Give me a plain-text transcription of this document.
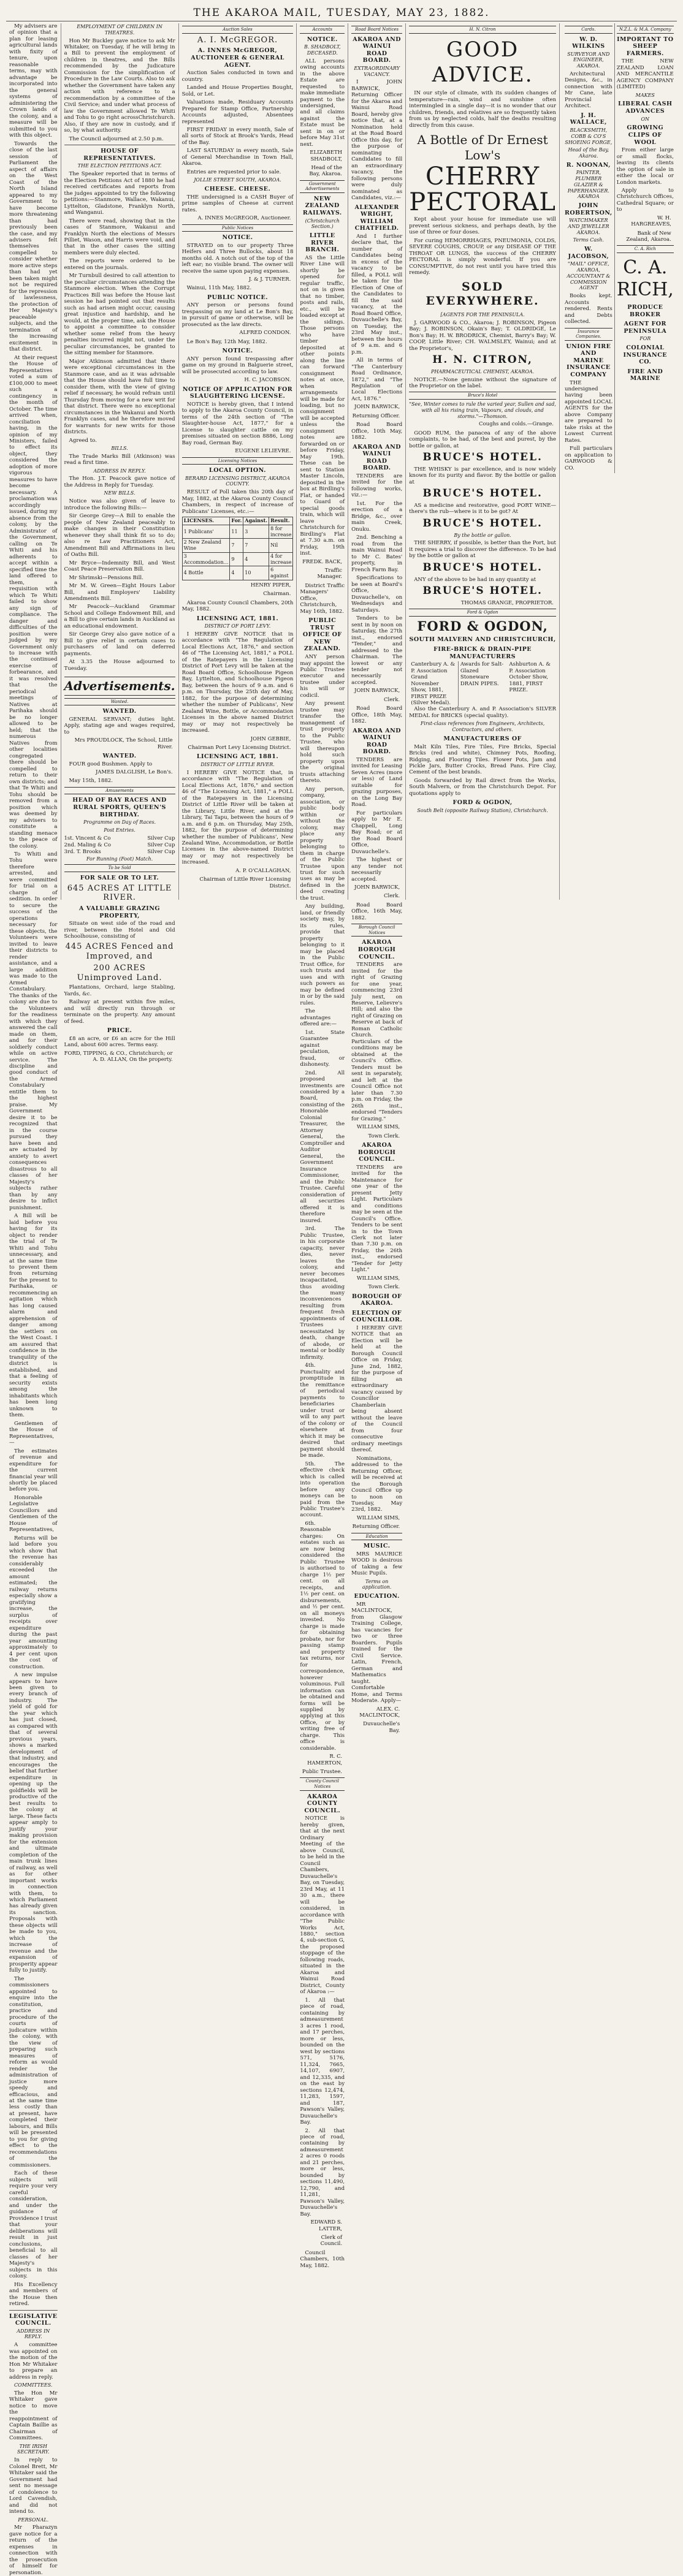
THE AKAROA MAIL, TUESDAY, MAY 23, 1882.

My advisers are of opinion that a plan for leasing agricultural lands with fixity of tenure, upon reasonable terms, may with advantage be incorporated into the general systems of administering the Crown lands of the colony, and a measure will be submitted to you with this object.

Towards the close of the last session of Parliament the aspect of affairs on the West Coast of the North Island appeared to my Government to have become more threatening than had previously been the case, and my advisers felt themselves compelled to consider whether more active steps than had yet been taken might not be required for the repression of lawlessness, the protection of Her Majesty's peaceable subjects, and the termination of the increasing excitement in that district.

At their request the House of Representatives voted a sum of £100,000 to meet such a contingency in the month of October. The time arrived when, conciliation having, in the opinion of my Ministers, failed to effect its object, they considered the adoption of more vigorous measures to have become necessary. A proclamation was accordingly issued, during my absence from the colony, by the Administrator of the Government, calling on Te Whiti and his adherents to accept within a specified time the land offered to them, a requisition with which Te Whiti failed to show any sign of compliance. The danger and difficulties of the position were judged by my Government only to increase with the continued exercise of forbearance, and it was resolved that the periodical meetings of Natives at Parihaka should be no longer allowed to be held; that the numerous Natives from other localities congregated there should be compelled to return to their own districts; and that Te Whiti and Tohu should be removed from a position which was deemed by my advisers to constitute a standing menace to the peace of the colony.

To Whiti and Tohu were therefore arrested, and were committed for trial on a charge of sedition. In order to secure the success of the operations necessary for these objects, the Volunteers were invited to leave their districts to render assistance, and a large addition was made to the Armed Constabulary. The thanks of the colony are due to the Volunteers for the readiness with which they answered the call made on them, and for their soldierly conduct while on active service. The discipline and good conduct of the Armed Constabulary entitle them to the highest praise. My Government desire it to be recognized that in the course pursued they have been and are actuated by anxiety to avert consequences disastrous to all classes of her Majesty's subjects rather than by any desire to inflict punishment.

A Bill will be laid before you having for its object to render the trial of Te Whiti and Tohu unnecessary, and at the same time to prevent them from returning for the present to Parihaka, or recommencing an agitation which has long caused alarm and apprehension of danger among the settlers on the West Coast. I am assured that confidence in the tranquility of the district is established, and that a feeling of security exists among the inhabitants which has been long unknown to them.

Gentlemen of the House of Representatives,—

The estimates of revenue and expenditure for the current financial year will shortly be placed before you.

Honorable Legislative Councillors and Gentlemen of the House of Representatives,

Returns will be laid before you which show that the revenue has considerably exceeded the amount estimated; the railway returns especially show a gratifying increase, the surplus of receipts over expenditure during the past year amounting approximately to 4 per cent upon the cost of construction.

A new impulse appears to have been given to every branch of industry. The yield of gold for the year which has just closed, as compared with that of several previous years, shows a marked development of that industry, and encourages the belief that further expenditure in opening up the goldfields will be productive of the best results to the colony at large. These facts appear amply to justify your making provision for the extension and ultimate completion of the main trunk lines of railway, as well as for other important works in connection with them, to which Parliament has already given its sanction. Proposals with these objects will be made to you, which the increase of revenue and the expansion of prosperity appear fully to justify.

The commissioners appointed to enquire into the constitution, practice and procedure of the courts of judicature within the colony, with the view of preparing such measures of reform as would render the administration of justice more speedy and efficacious, and at the same time less costly than at present, have completed their labours, and Bills will be presented to you for giving effect to the recommendations of the commissioners.

Each of these subjects will require your very careful consideration, and under the guidance of Providence I trust that your deliberations will result in just conclusions, beneficial to all classes of her Majesty's subjects in this colony.

His Excellency and members of the House then retired.

LEGISLATIVE COUNCIL.
ADDRESS IN REPLY.

A committee was appointed on the motion of the Hon Mr Whitaker to prepare an address in reply.

COMMITTEES.

The Hon Mr Whitaker gave notice to move the reappointment of Captain Baillie as Chairman of Committees.

THE IRISH SECRETARY.

In reply to Colonel Brett, Mr Whitaker said the Government had sent no message of condolence to Lord Cavendish, and did not intend to.

PERSONAL.

Mr Pharazyn gave notice for a return of the expenses in connection with the prosecution of himself for personation.

EMPLOYMENT OF CHILDREN IN THEATRES.

Hon Mr Buckley gave notice to ask Mr Whitaker, on Tuesday, if he will bring in a Bill to prevent the employment of children in theatres, and the Bills recommended by the Judicature Commission for the simplification of Procedure in the Law Courts. Also to ask whether the Government have taken any action with reference to a recommendation by a committee of the Civil Service; and under what process of law the Government allowed Te Whiti and Tohu to go right acrossChristchurch. Also, if they are now in custody, and if so, by what authority.

The Council adjourned at 2.50 p.m.

HOUSE OF REPRESENTATIVES.
THE ELECTION PETITIONS ACT.

The Speaker reported that in terms of the Election Petitions Act of 1880 he had received certificates and reports from the judges appointed to try the following petitions:—Stanmore, Wallace, Wakanui, Lyttelton, Gladstone, Franklyn North, and Wanganui.

There were read, showing that in the cases of Stanmore, Wakanui and Franklyn North the elections of Messrs Pilliet, Wason, and Harris were void, and that in the other cases the sitting members were duly elected.

The reports were ordered to be entered on the journals.

Mr Turnbull desired to call attention to the peculiar circumstances attending the Stanmore election. When the Corrupt Practices Bill was before the House last session he had pointed out that results such as had arisen might occur, causing great injustice and hardship, and he would, at the proper time, ask the House to appoint a committee to consider whether some relief from the heavy penalties incurred might not, under the peculiar circumstances, be granted to the sitting member for Stanmore.

Major Atkinson admitted that there were exceptional circumstances in the Stanmore case, and as it was advisable that the House should have full time to consider them, with the view of giving relief if necessary, he would refrain until Thursday from moving for a new writ for that district. There were no exceptional circumstances in the Wakanui and North Franklyn cases, and he therefore moved for warrants for new writs for those districts.

Agreed to.

BILLS.

The Trade Marks Bill (Atkinson) was read a first time.

ADDRESS IN REPLY.

The Hon. J.T. Peacock gave notice of the Address in Reply for Tuesday.

NEW BILLS.

Notice was also given of leave to introduce the following Bills:—

Sir George Grey—A Bill to enable the people of New Zealand peaceably to make changes in their Constitution whenever they shall think fit so to do; also re Law Practitioners Act, Amendment Bill and Affirmations in lieu of Oaths Bill.

Mr Bryce—Indemnity Bill, and West Coast Peace Preservation Bill.

Mr Shrimski—Pensions Bill.

Mr M. W. Green—Eight Hours Labor Bill, and Employers' Liability Amendments Bill.

Mr Peacock—Auckland Grammar School and College Endowment Bill, and a Bill to give certain lands in Auckland as an educational endowment.

Sir George Grey also gave notice of a Bill to give relief in certain cases to purchasers of land on deferred payments.

At 3.35 the House adjourned to Tuesday.

Advertisements.
Wanted.
WANTED.

GENERAL SERVANT; duties light. Apply, stating age and wages required, to

Mrs PROUDLOCK, The School, Little River.
WANTED.

FOUR good Bushmen. Apply to

JAMES DALGLISH, Le Bon's.

May 15th, 1882.

Amusements
HEAD OF BAY RACES AND RURAL SPORTS, QUEEN'S BIRTHDAY.
Programme on Day of Races.
Post Entries.
1st. Vincent & Co	Silver Cup
2nd. Maling & Co	Silver Cup
3rd. T. Brooks	Silver Cup
For Running (Foot) Match.
To be Sold
FOR SALE OR TO LET.
645 ACRES AT LITTLE RIVER.
A VALUABLE GRAZING PROPERTY,

Situate on west side of the road and river, between the Hotel and Old Schoolhouse, consisting of

445 ACRES Fenced and Improved, and
200 ACRES Unimproved Land.

Plantations, Orchard, large Stabling, Yards, &c.

Railway at present within five miles, and will directly run through or terminate on the property. Any amount of feed.

PRICE.

£8 an acre, or £6 an acre for the Hill Land, about 600 acres. Terms easy.

FORD, TIPPING, & CO., Christchurch; or A. D. ALLAN, On the property.
Auction Sales
A. I. McGREGOR.
A. INNES McGREGOR, AUCTIONEER & GENERAL AGENT.

Auction Sales conducted in town and country.

Landed and House Properties Bought, Sold, or Let.

Valuations made, Residuary Accounts Prepared for Stamp Office, Partnership Accounts adjusted, Absentees represented

FIRST FRIDAY in every month, Sale of all sorts of Stock at Brook's Yards, Head of the Bay.

LAST SATURDAY in every month, Sale of General Merchandise in Town Hall, Akaroa.

Entries are requested prior to sale.

JOLLIE STREET SOUTH, AKAROA.
CHEESE. CHEESE.

THE undersigned is a CASH Buyer of prime samples of Cheese at current rates.

A. INNES McGREGOR, Auctioneer.
Public Notices
NOTICE.

STRAYED on to our property Three Heifers and Three Bullocks, about 18 months old. A notch out of the top of the left ear; no visible brand. The owner will receive the same upon paying expenses.

J. & J. TURNER.

Wainui, 11th May, 1882.

PUBLIC NOTICE.

ANY person or persons found trespassing on my land at Le Bon's Bay, in pursuit of game or otherwise, will be prosecuted as the law directs.

ALFRED CONDON.

Le Bon's Bay, 12th May, 1882.

NOTICE.

ANY person found trespassing after game on my ground in Balguerie street, will be prosecuted according to law.

H. C. JACOBSON.
NOTICE OF APPLICATION FOR SLAUGHTERING LICENSE.

NOTICE is hereby given, that I intend to apply to the Akaroa County Council, in terms of the 24th section of "The Slaughter-house Act, 1877," for a License to slaughter cattle on my premises situated on section 8886, Long Bay road, German Bay.

EUGENE LELIEVRE.
Licensing Notices
LOCAL OPTION.
BERARD LICENSING DISTRICT, AKAROA COUNTY.

RESULT of Poll taken this 20th day of May, 1882, at the Akaroa County Council Chambers, in respect of increase of Publicans' Licenses, etc.:—

LICENSES.	For.	Against.	Result.
1 Publicans'	11	3	8 for increase
2 New Zealand Wine	7	7	Nil
3 Accommodation...	9	4	4 for increase
4 Bottle	4	10	6 against
HENRY PIPER,
Chairman.

Akaroa County Council Chambers, 20th May, 1882.

LICENSING ACT, 1881.
DISTRICT OF PORT LEVY.

I HEREBY GIVE NOTICE that in accordance with "The Regulation of Local Elections Act, 1876," and section 46 of "The Licensing Act, 1881," a POLL of the Ratepayers in the Licensing District of Port Levy will be taken at the Road Board Office, Schoolhouse Pigeon Bay, Lyttelton, and Schoolhouse Pigeon Bay, between the hours of 9 a.m. and 6 p.m. on Thursday, the 25th day of May, 1882, for the purpose of determining whether the number of Publicans', New Zealand Wine, Bottle, or Accommodation Licenses in the above named District may or may not respectively be increased.

JOHN GEBBIE,
Chairman Port Levy Licensing District.
LICENSING ACT, 1881.
DISTRICT OF LITTLE RIVER.

I HEREBY GIVE NOTICE that, in accordance with "The Regulation of Local Elections Act, 1876," and section 46 of "The Licensing Act, 1881," a POLL of the Ratepayers in the Licensing District of Little River will be taken at the Library, Little River, and at the Library, Tai Tapu, between the hours of 9 a.m. and 6 p.m. on Thursday, May 25th, 1882, for the purpose of determining whether the number of Publicans', New Zealand Wine, Accommodation, or Bottle Licenses in the above-named District may or may not respectively be increased.

A. P. O'CALLAGHAN,
Chairman of Little River Licensing District.
Accounts
NOTICE.
B. SHADBOLT, DECEASED.

ALL persons owing accounts in the above Estate are requested to make immediate payment to the undersigned, and all claims against the Estate must be sent in on or before May 31st next.

ELIZABETH SHADBOLT,
Head of the Bay, Akaroa.
Government Advertisements
NEW ZEALAND RAILWAYS.
(Christchurch Section.)
LITTLE RIVER BRANCH.

AS the Little River Line will shortly be opened for regular traffic, not on is given that no timber, posts and rails, etc., will be loaded except at the sidings. Those persons who have timber deposited at other points along the line can forward consignment notes at once, when arrangements will be made for loading, but no consignment will be accepted unless the consignment notes are forwarded on or before Friday, May 19th. These can be sent to Station Master Lincoln, deposited in the box at Birdling's Flat, or handed to Guard of special goods train, which will leave Christchurch for Birdling's Flat at 7.30 a.m. on Friday, 19th inst.

FREDK. BACK,
Traffic Manager.

District Traffic Managers' Office, Christchurch, May 16th, 1882.

PUBLIC TRUST OFFICE OF NEW ZEALAND.

ANY person may appoint the Public Trustee executor and trustee under his will or codicil.

Any present trustee may transfer the management of trust property to the Public Trustee, who will thereupon hold such property upon the original trusts attaching thereto.

Any person, company, association, or public body within or without the colony, may place any property belonging to them in charge of the Public Trustee upon trust for such uses as may be defined in the deed creating the trust.

Any building, land, or friendly society may, by its rules, provide that property belonging to it may be placed in the Public Trust Office, for such trusts and uses and with such powers as may be defined in or by the said rules.

The advantages offered are:—

1st. State Guarantee against peculation, fraud, or dishonesty.

2nd. All proposed investments are considered by a Board, consisting of the Honorable Colonial Treasurer, the Attorney General, the Comptroller and Auditor General, the Government Insurance Commissioner, and the Public Trustee. Careful consideration of all securities offered it is therefore insured.

3rd. The Public Trustee, in his corporate capacity, never dies, never leaves the colony, and never becomes incapacitated, thus avoiding the many inconveniences resulting from frequent fresh appointments of Trustees necessitated by death, change of abode, or mental or bodily infirmity.

4th. Punctuality and promptitude in the remittance of periodical payments to beneficiaries under trust or will to any part of the colony or elsewhere at which it may be desired that payment should be made.

5th. The effective check which is called into operation before any moneys can be paid from the Public Trustee's account.

6th. Reasonable charges: On estates such as are now being considered the Public Trustee is authorised to charge 1½ per cent. on all receipts, and 1½ per cent. on disbursements, and ½ per cent. on all moneys invested. No charge is made for obtaining probate, nor for passing stamp and property tax returns, nor for correspondence, however voluminous. Full information can be obtained and forms will be supplied by applying at this Office, or by writing free of charge. This office is considerable.

R. C. HAMERTON,
Public Trustee.
County Council Notices
AKAROA COUNTY COUNCIL.

NOTICE is hereby given, that at the next Ordinary Meeting of the above Council, to be held in the Council Chambers, Duvauchelle's Bay, on Tuesday, 23rd May, at 11 30 a.m., there will be considered, in accordance with "The Public Works Act, 1880," section 4, sub-section G, the proposed stoppage of the following roads, situated in the Akaroa and Wainui Road District, County of Akaroa :—

1. All that piece of road, containing by admeasurement 3 acres 1 rood, and 17 perches, more or less, bounded on the west by sections 571, 5176, 11,324, 7665, 14,107, 6907, and 12,335, and on the east by sections 12,474, 11,283, 1597, and 187, Pawson's Valley, Duvauchelle's Bay.

2. All that piece of road, containing by admeasurement 2 acres 0 roods and 21 perches, more or less, bounded by sections 11,490, 12,790, and 11,281, Pawson's Valley, Duvauchelle's Bay.

EDWARD S. LATTER,
Clerk of Council.

Council Chambers, 10th May, 1882.

Road Board Notices
AKAROA AND WAINUI ROAD BOARD.
EXTRAORDINARY VACANCY.

I JOHN BARWICK, Returning Officer for the Akaroa and Wainui Road Board, hereby give notice that, at a Nomination held at the Road Board Office this day, for the purpose of nominating Candidates to fill an extraordinary vacancy, the following persons were duly nominated as Candidates, viz.:—

ALEXANDER WRIGHT, WILLIAM CHATFIELD.

And I further declare that, the number of Candidates being in excess of the vacancy to be filled, a POLL will be taken for the Election of One of the Candidates to fill the said vacancy, at the Road Board Office, Duvauchelle's Bay, on Tuesday, the 23rd May inst., between the hours of 9 a.m. and 6 p.m.

All in terms of "The Canterbury Road Ordinance, 1872," and "The Regulation of Local Elections Act, 1876."

JOHN BARWICK,
Returning Officer.

Road Board Office, 10th May, 1882.

AKAROA AND WAINUI ROAD BOARD.

TENDERS are invited for the following works, viz.:—

1st. For the erection of a Bridge, &c., over main Creek, Onuku.

2nd. Benching a road from the main Wainui Road to Mr C. Bates' property, in French Farm Bay.

Specifications to be seen at Board's Office, Duvauchelle's, on Wednesdays and Saturdays.

Tenders to be sent in by noon on Saturday, the 27th inst., endorsed "Tender," and addressed to the Chairman. The lowest or any tender not necessarily accepted.

JOHN BARWICK,
Clerk.

Road Board Office, 18th May, 1882.

AKAROA AND WAINUI ROAD BOARD.

TENDERS are invited for Leasing Seven Acres (more or less) of Land suitable for grazing purposes, on the Long Bay Road.

For particulars apply to Mr E. Chappell, Long Bay Road; or at the Road Board Office, Duvauchelle's.

The highest or any tender not necessarily accepted.

JOHN BARWICK,
Clerk.

Road Board Office, 16th May, 1882.

Borough Council Notices
AKAROA BOROUGH COUNCIL.

TENDERS are invited for the right of Grazing for one year, commencing 23rd July next, on Reserve, Lelievre's Hill; and also the right of Grazing on Reserve at back of Roman Catholic Church. Particulars of the conditions may be obtained at the Council's Office. Tenders must be sent in separately, and left at the Council Office not later than 7.30 p.m. on Friday, the 26th inst., endorsed "Tenders for Grazing."

WILLIAM SIMS,
Town Clerk.
AKAROA BOROUGH COUNCIL.

TENDERS are invited for the Maintenance for one year of the present Jetty Light. Particulars and conditions may be seen at the Council's Office. Tenders to be sent in to the Town Clerk not later than 7.30 p.m. on Friday, the 26th inst., endorsed "Tender for Jetty Light."

WILLIAM SIMS,
Town Clerk.
BOROUGH OF AKAROA.
ELECTION OF COUNCILLOR.

I HEREBY GIVE NOTICE that an Election will be held at the Borough Council Office on Friday, June 2nd, 1882, for the purpose of filling an extraordinary vacancy caused by Councillor Chamberlain being absent without the leave of the Council from four consecutive ordinary meetings thereof.

Nominations, addressed to the Returning Officer, will be received at the Borough Council Office up to noon on Tuesday, May 23rd, 1882.

WILLIAM SIMS,
Returning Officer.
Education
MUSIC.

MRS MAURICE WOOD is desirous of taking a few Music Pupils.

Terms on application.
EDUCATION.

MR MACLINTOCK, from Glasgow Training College, has vacancies for two or three Boarders. Pupils trained for the Civil Service. Latin, French, German and Mathematics taught. Comfortable Home, and Terms Moderate. Apply—

ALEX. C. MACLINTOCK,
Duvauchelle's Bay.
H. N. Citron
GOOD ADVICE.

IN our style of climate, with its sudden changes of temperature—rain, wind and sunshine often intermingled in a single day—it is no wonder that our children, friends, and relatives are so frequently taken from us by neglected colds, half the deaths resulting directly from this cause.

A Bottle of Dr Ernest Low's
CHERRY PECTORAL

Kept about your house for immediate use will prevent serious sickness, and perhaps death, by the use of three or four doses.

For curing HEMORRHAGES, PNEUMONIA, COLDS, SEVERE COUGHS, CROUP, or any DISEASE OF THE THROAT OR LUNGS, the success of the CHERRY PECTORAL is simply wonderful. If you are CONSUMPTIVE, do not rest until you have tried this remedy.

SOLD EVERYWHERE.
[AGENTS FOR THE PENINSULA.

J. GARWOOD & CO., Akaroa; J. ROBINSON, Pigeon Bay; J. ROBINSON, Okain's Bay; T. OLDRIDGE, Le Bon's Bay; H. W. BRODRICK, Chemist, Barry's Bay; W. COOP, Little River; CH. WALMSLEY, Wainui; and at the Proprietor's,

H. N. CITRON,
PHARMACEUTICAL CHEMIST, AKAROA.

NOTICE.—None genuine without the signature of the Proprietor on the label.

Bruce's Hotel
"See, Winter comes to rule the varied year, Sullen and sad, with all his rising train, Vapours, and clouds, and storms."—Thomson.
Coughs and colds.—Grange.

GOOD RUM, the panacea of any of the above complaints, to be had, of the best and purest, by the bottle or gallon, at

BRUCE'S HOTEL.

THE WHISKY is par excellence, and is now widely known for its purity and flavor. By the bottle or gallon at

BRUCE'S HOTEL.

AS a medicine and restorative, good PORT WINE—there's the rub—where is it to be got? At

BRUCE'S HOTEL.
By the bottle or gallon.

THE SHERRY, if possible, is better than the Port, but it requires a trial to discover the difference. To be had by the bottle or gallon at

BRUCE'S HOTEL.

ANY of the above to be had in any quantity at

BRUCE'S HOTEL.
THOMAS GRANGE, PROPRIETOR.
Ford & Ogdon
FORD & OGDON,
SOUTH MALVERN AND CHRISTCHURCH,
FIRE-BRICK & DRAIN-PIPE MANUFACTURERS
Canterbury A. & P. Association Grand November Show, 1881, FIRST PRIZE (Silver Medal).
Awards for Salt-Glazed Stoneware DRAIN PIPES.
Ashburton A. & P. Association October Show, 1881, FIRST PRIZE.

Also the Canterbury A. and P. Association's SILVER MEDAL for BRICKS (special quality).

First-class references from Engineers, Architects, Contractors, and others.
MANUFACTURERS OF

Malt Kiln Tiles, Fire Tiles, Fire Bricks, Special Bricks (red and white), Chimney Pots, Roofing, Ridging, and Flooring Tiles. Flower Pots, Jam and Pickle Jars, Butter Crocks, Bread Pans. Fire Clay, Cement of the best brands.

Goods forwarded by Rail direct from the Works, South Malvern, or from the Christchurch Depot. For quotations apply to

FORD & OGDON,
South Belt (opposite Railway Station), Christchurch.
Cards.
W. D. WILKINS
SURVEYOR AND ENGINEER, AKAROA.

Architectural Designs, &c., in connection with Mr Cane, late Provincial Architect.

J. H. WALLACE,
BLACKSMITH, COBB & CO'S SHOEING FORGE,
Head of the Bay, Akaroa.
R. NOONAN,
PAINTER, PLUMBER GLAZIER & PAPERHANGER. AKAROA
JOHN ROBERTSON,
WATCHMAKER AND JEWELLER AKAROA.
Terms Cash.
W. JACOBSON,
"MAIL" OFFICE, AKAROA, ACCOUNTANT & COMMISSION AGENT

Books kept. Accounts rendered. Rents and Debts collected.

Insurance Companies.
UNION FIRE AND MARINE INSURANCE COMPANY

THE undersigned having been appointed LOCAL AGENTS for the above Company are prepared to take risks at the Lowest Current Rates.

Full particulars on application to GARWOOD & CO.

N.Z.L. & M.A. Company
IMPORTANT TO SHEEP FARMERS.

THE NEW ZEALAND LOAN AND MERCANTILE AGENCY COMPANY (LIMITED)

MAKES
LIBERAL CASH ADVANCES
ON
GROWING CLIPS OF WOOL

From either large or small flocks, leaving its clients the option of sale in either the local or London markets.

Apply to Christchurch Offices, Cathedral Square; or to

W. H. HARGREAVES,
Bank of New Zealand, Akaroa.
C. A. Rich
C. A. RICH,
PRODUCE BROKER
AGENT FOR PENINSULA
FOR
COLONIAL INSURANCE CO.
FIRE AND MARINE
